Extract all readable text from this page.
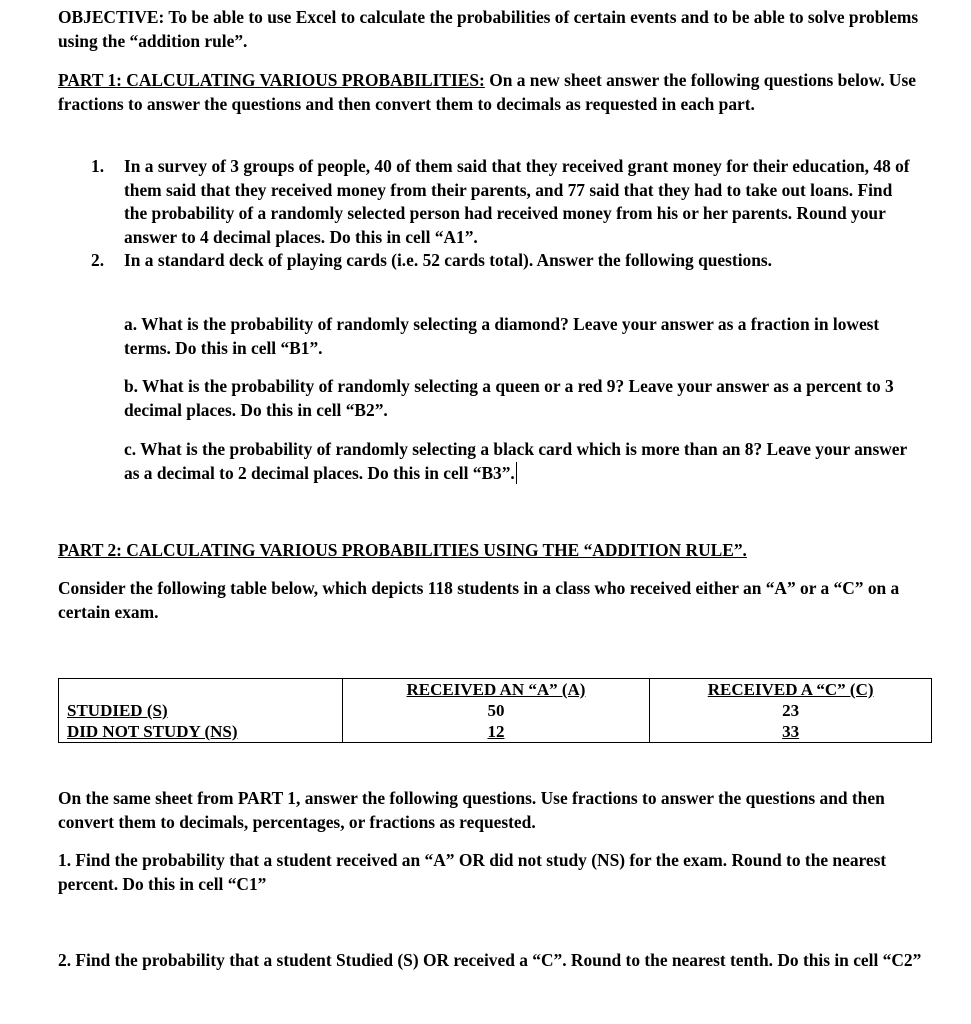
OBJECTIVE: To be able to use Excel to calculate the probabilities of certain events and to be able to solve problems using the “addition rule”.

PART 1: CALCULATING VARIOUS PROBABILITIES: On a new sheet answer the following questions below. Use fractions to answer the questions and then convert them to decimals as requested in each part.

1. In a survey of 3 groups of people, 40 of them said that they received grant money for their education, 48 of them said that they received money from their parents, and 77 said that they had to take out loans. Find the probability of a randomly selected person had received money from his or her parents. Round your answer to 4 decimal places. Do this in cell “A1”.
2. In a standard deck of playing cards (i.e. 52 cards total). Answer the following questions.

a. What is the probability of randomly selecting a diamond? Leave your answer as a fraction in lowest terms. Do this in cell “B1”.

b. What is the probability of randomly selecting a queen or a red 9? Leave your answer as a percent to 3 decimal places. Do this in cell “B2”.

c. What is the probability of randomly selecting a black card which is more than an 8? Leave your answer as a decimal to 2 decimal places. Do this in cell “B3”.

PART 2: CALCULATING VARIOUS PROBABILITIES USING THE “ADDITION RULE”.

Consider the following table below, which depicts 118 students in a class who received either an “A” or a “C” on a certain exam.

	RECEIVED AN “A” (A)	RECEIVED A “C” (C)
STUDIED (S)	50	23
DID NOT STUDY (NS)	12	33

On the same sheet from PART 1, answer the following questions. Use fractions to answer the questions and then convert them to decimals, percentages, or fractions as requested.

1. Find the probability that a student received an “A” OR did not study (NS) for the exam. Round to the nearest percent. Do this in cell “C1”

2. Find the probability that a student Studied (S) OR received a “C”. Round to the nearest tenth. Do this in cell “C2”
